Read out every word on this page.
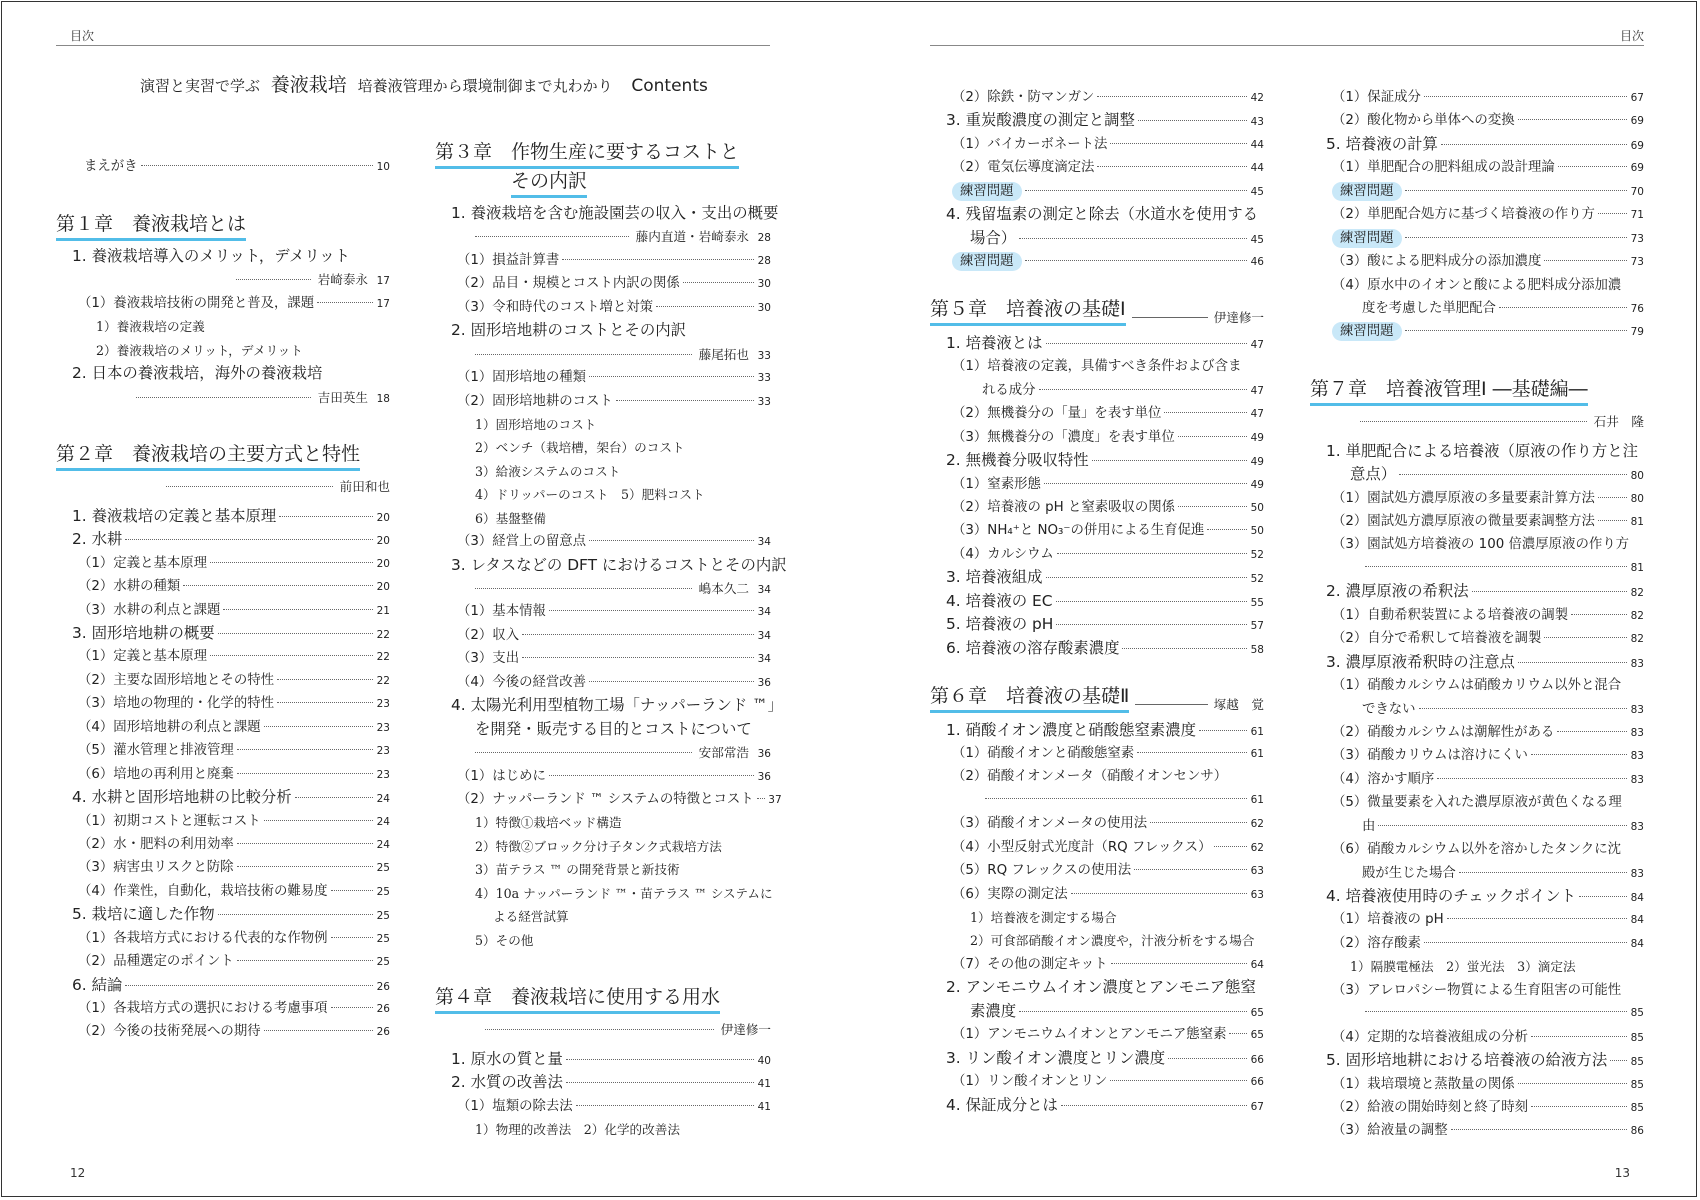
目次
演習と実習で学ぶ 養液栽培 培養液管理から環境制御まで丸わかり Contents
まえがき	10
第１章　養液栽培とは
1. 養液栽培導入のメリット，デメリット
岩崎泰永 17
（1）養液栽培技術の開発と普及，課題	17
1）養液栽培の定義
2）養液栽培のメリット，デメリット
2. 日本の養液栽培，海外の養液栽培
吉田英生 18
第２章　養液栽培の主要方式と特性
前田和也
1. 養液栽培の定義と基本原理	20
2. 水耕	20
（1）定義と基本原理	20
（2）水耕の種類	20
（3）水耕の利点と課題	21
3. 固形培地耕の概要	22
（1）定義と基本原理	22
（2）主要な固形培地とその特性	22
（3）培地の物理的・化学的特性	23
（4）固形培地耕の利点と課題	23
（5）灌水管理と排液管理	23
（6）培地の再利用と廃棄	23
4. 水耕と固形培地耕の比較分析	24
（1）初期コストと運転コスト	24
（2）水・肥料の利用効率	24
（3）病害虫リスクと防除	25
（4）作業性，自動化，栽培技術の難易度	25
5. 栽培に適した作物	25
（1）各栽培方式における代表的な作物例	25
（2）品種選定のポイント	25
6. 結論	26
（1）各栽培方式の選択における考慮事項	26
（2）今後の技術発展への期待	26
第３章　作物生産に要するコストと
その内訳
1. 養液栽培を含む施設園芸の収入・支出の概要
藤内直道・岩崎泰永 28
（1）損益計算書	28
（2）品目・規模とコスト内訳の関係	30
（3）令和時代のコスト増と対策	30
2. 固形培地耕のコストとその内訳
藤尾拓也 33
（1）固形培地の種類	33
（2）固形培地耕のコスト	33
1）固形培地のコスト
2）ベンチ（栽培槽，架台）のコスト
3）給液システムのコスト
4）ドリッパーのコスト　5）肥料コスト
6）基盤整備
（3）経営上の留意点	34
3. レタスなどの DFT におけるコストとその内訳
嶋本久二 34
（1）基本情報	34
（2）収入	34
（3）支出	34
（4）今後の経営改善	36
4. 太陽光利用型植物工場「ナッパーランド ™」
を開発・販売する目的とコストについて
安部常浩 36
（1）はじめに	36
（2）ナッパーランド ™ システムの特徴とコスト 37
1）特徴①栽培ベッド構造
2）特徴②ブロック分け子タンク式栽培方法
3）苗テラス ™ の開発背景と新技術
4）10a ナッパーランド ™・苗テラス ™ システムに
よる経営試算
5）その他
第４章　養液栽培に使用する用水
伊達修一
1. 原水の質と量	40
2. 水質の改善法	41
（1）塩類の除去法	41
1）物理的改善法　2）化学的改善法
12
目次
（2）除鉄・防マンガン	42
3. 重炭酸濃度の測定と調整	43
（1）バイカーボネート法	44
（2）電気伝導度滴定法	44
練習問題	45
4. 残留塩素の測定と除去（水道水を使用する
場合）	45
練習問題	46
第５章　培養液の基礎Ⅰ	伊達修一
1. 培養液とは	47
（1）培養液の定義，具備すべき条件および含ま
れる成分	47
（2）無機養分の「量」を表す単位	47
（3）無機養分の「濃度」を表す単位	49
2. 無機養分吸収特性	49
（1）窒素形態	49
（2）培養液の pH と窒素吸収の関係	50
（3）NH₄⁺と NO₃⁻の併用による生育促進	50
（4）カルシウム	52
3. 培養液組成	52
4. 培養液の EC	55
5. 培養液の pH	57
6. 培養液の溶存酸素濃度	58
第６章　培養液の基礎Ⅱ	塚越　覚
1. 硝酸イオン濃度と硝酸態窒素濃度	61
（1）硝酸イオンと硝酸態窒素	61
（2）硝酸イオンメータ（硝酸イオンセンサ）
61
（3）硝酸イオンメータの使用法	62
（4）小型反射式光度計（RQ フレックス）	62
（5）RQ フレックスの使用法	63
（6）実際の測定法	63
1）培養液を測定する場合
2）可食部硝酸イオン濃度や，汁液分析をする場合
（7）その他の測定キット	64
2. アンモニウムイオン濃度とアンモニア態窒
素濃度	65
（1）アンモニウムイオンとアンモニア態窒素 65
3. リン酸イオン濃度とリン濃度	66
（1）リン酸イオンとリン	66
4. 保証成分とは	67
（1）保証成分	67
（2）酸化物から単体への変換	69
5. 培養液の計算	69
（1）単肥配合の肥料組成の設計理論	69
練習問題	70
（2）単肥配合処方に基づく培養液の作り方	71
練習問題	73
（3）酸による肥料成分の添加濃度	73
（4）原水中のイオンと酸による肥料成分添加濃
度を考慮した単肥配合	76
練習問題	79
第７章　培養液管理Ⅰ ―基礎編―
石井　隆
1. 単肥配合による培養液（原液の作り方と注
意点）	80
（1）園試処方濃厚原液の多量要素計算方法	80
（2）園試処方濃厚原液の微量要素調整方法	81
（3）園試処方培養液の 100 倍濃厚原液の作り方
81
2. 濃厚原液の希釈法	82
（1）自動希釈装置による培養液の調製	82
（2）自分で希釈して培養液を調製	82
3. 濃厚原液希釈時の注意点	83
（1）硝酸カルシウムは硝酸カリウム以外と混合
できない	83
（2）硝酸カルシウムは潮解性がある	83
（3）硝酸カリウムは溶けにくい	83
（4）溶かす順序	83
（5）微量要素を入れた濃厚原液が黄色くなる理
由	83
（6）硝酸カルシウム以外を溶かしたタンクに沈
殿が生じた場合	83
4. 培養液使用時のチェックポイント	84
（1）培養液の pH	84
（2）溶存酸素	84
1）隔膜電極法　2）蛍光法　3）滴定法
（3）アレロパシー物質による生育阻害の可能性
85
（4）定期的な培養液組成の分析	85
5. 固形培地耕における培養液の給液方法 85
（1）栽培環境と蒸散量の関係	85
（2）給液の開始時刻と終了時刻	85
（3）給液量の調整	86
13
